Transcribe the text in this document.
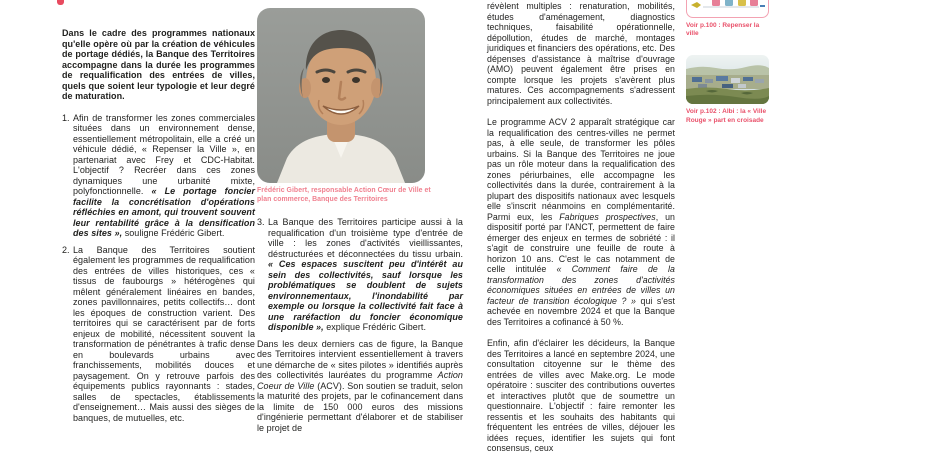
Dans le cadre des programmes nationaux qu'elle opère où par la création de véhicules de portage dédiés, la Banque des Territoires accompagne dans la durée les programmes de requalification des entrées de villes, quels que soient leur typologie et leur degré de maturation.

1. Afin de transformer les zones commerciales situées dans un environnement dense, essentiellement métropolitain, elle a créé un véhicule dédié, « Repenser la Ville », en partenariat avec Frey et CDC-Habitat. L'objectif ? Recréer dans ces zones dynamiques une urbanité mixte, polyfonctionnelle. « Le portage foncier facilite la concrétisation d'opérations réfléchies en amont, qui trouvent souvent leur rentabilité grâce à la densification des sites », souligne Frédéric Gibert.
2. La Banque des Territoires soutient également les programmes de requalification des entrées de villes historiques, ces « tissus de faubourgs » hétérogènes qui mêlent généralement linéaires en bandes, zones pavillonnaires, petits collectifs… dont les époques de construction varient. Des territoires qui se caractérisent par de forts enjeux de mobilité, nécessitent souvent la transformation de pénétrantes à trafic dense en boulevards urbains avec franchissements, mobilités douces et paysagement. On y retrouve parfois des équipements publics rayonnants : stades, salles de spectacles, établissements d'enseignement… Mais aussi des sièges de banques, de mutuelles, etc.
Frédéric Gibert, responsable Action Cœur de Ville et plan commerce, Banque des Territoires
3. La Banque des Territoires participe aussi à la requalification d'un troisième type d'entrée de ville : les zones d'activités vieillissantes, déstructurées et déconnectées du tissu urbain. « Ces espaces suscitent peu d'intérêt au sein des collectivités, sauf lorsque les problématiques se doublent de sujets environnementaux, l'inondabilité par exemple ou lorsque la collectivité fait face à une raréfaction du foncier économique disponible », explique Frédéric Gibert.

Dans les deux derniers cas de figure, la Banque des Territoires intervient essentiellement à travers une démarche de « sites pilotes » identifiés auprès des collectivités lauréates du programme Action Coeur de Ville (ACV). Son soutien se traduit, selon la maturité des projets, par le cofinancement dans la limite de 150 000 euros des missions d'ingénierie permettant d'élaborer et de stabiliser le projet de

révèlent multiples : renaturation, mobilités, études d'aménagement, diagnostics techniques, faisabilité opérationnelle, dépollution, études de marché, montages juridiques et financiers des opérations, etc. Des dépenses d'assistance à maîtrise d'ouvrage (AMO) peuvent également être prises en compte lorsque les projets s'avèrent plus matures. Ces accompagnements s'adressent principalement aux collectivités.

Le programme ACV 2 apparaît stratégique car la requalification des centres-villes ne permet pas, à elle seule, de transformer les pôles urbains. Si la Banque des Territoires ne joue pas un rôle moteur dans la requalification des zones périurbaines, elle accompagne les collectivités dans la durée, contrairement à la plupart des dispositifs nationaux avec lesquels elle s'inscrit néanmoins en complémentarité. Parmi eux, les Fabriques prospectives, un dispositif porté par l'ANCT, permettent de faire émerger des enjeux en termes de sobriété : il s'agit de construire une feuille de route à horizon 10 ans. C'est le cas notamment de celle intitulée « Comment faire de la transformation des zones d'activités économiques situées en entrées de villes un facteur de transition écologique ? » qui s'est achevée en novembre 2024 et que la Banque des Territoires a cofinancé à 50 %.

Enfin, afin d'éclairer les décideurs, la Banque des Territoires a lancé en septembre 2024, une consultation citoyenne sur le thème des entrées de villes avec Make.org. Le mode opératoire : susciter des contributions ouvertes et interactives plutôt que de soumettre un questionnaire. L'objectif : faire remonter les ressentis et les souhaits des habitants qui fréquentent les entrées de villes, déjouer les idées reçues, identifier les sujets qui font consensus, ceux

Voir p.100 : Repenser la ville
Voir p.102 : Albi : la « Ville Rouge » part en croisade
